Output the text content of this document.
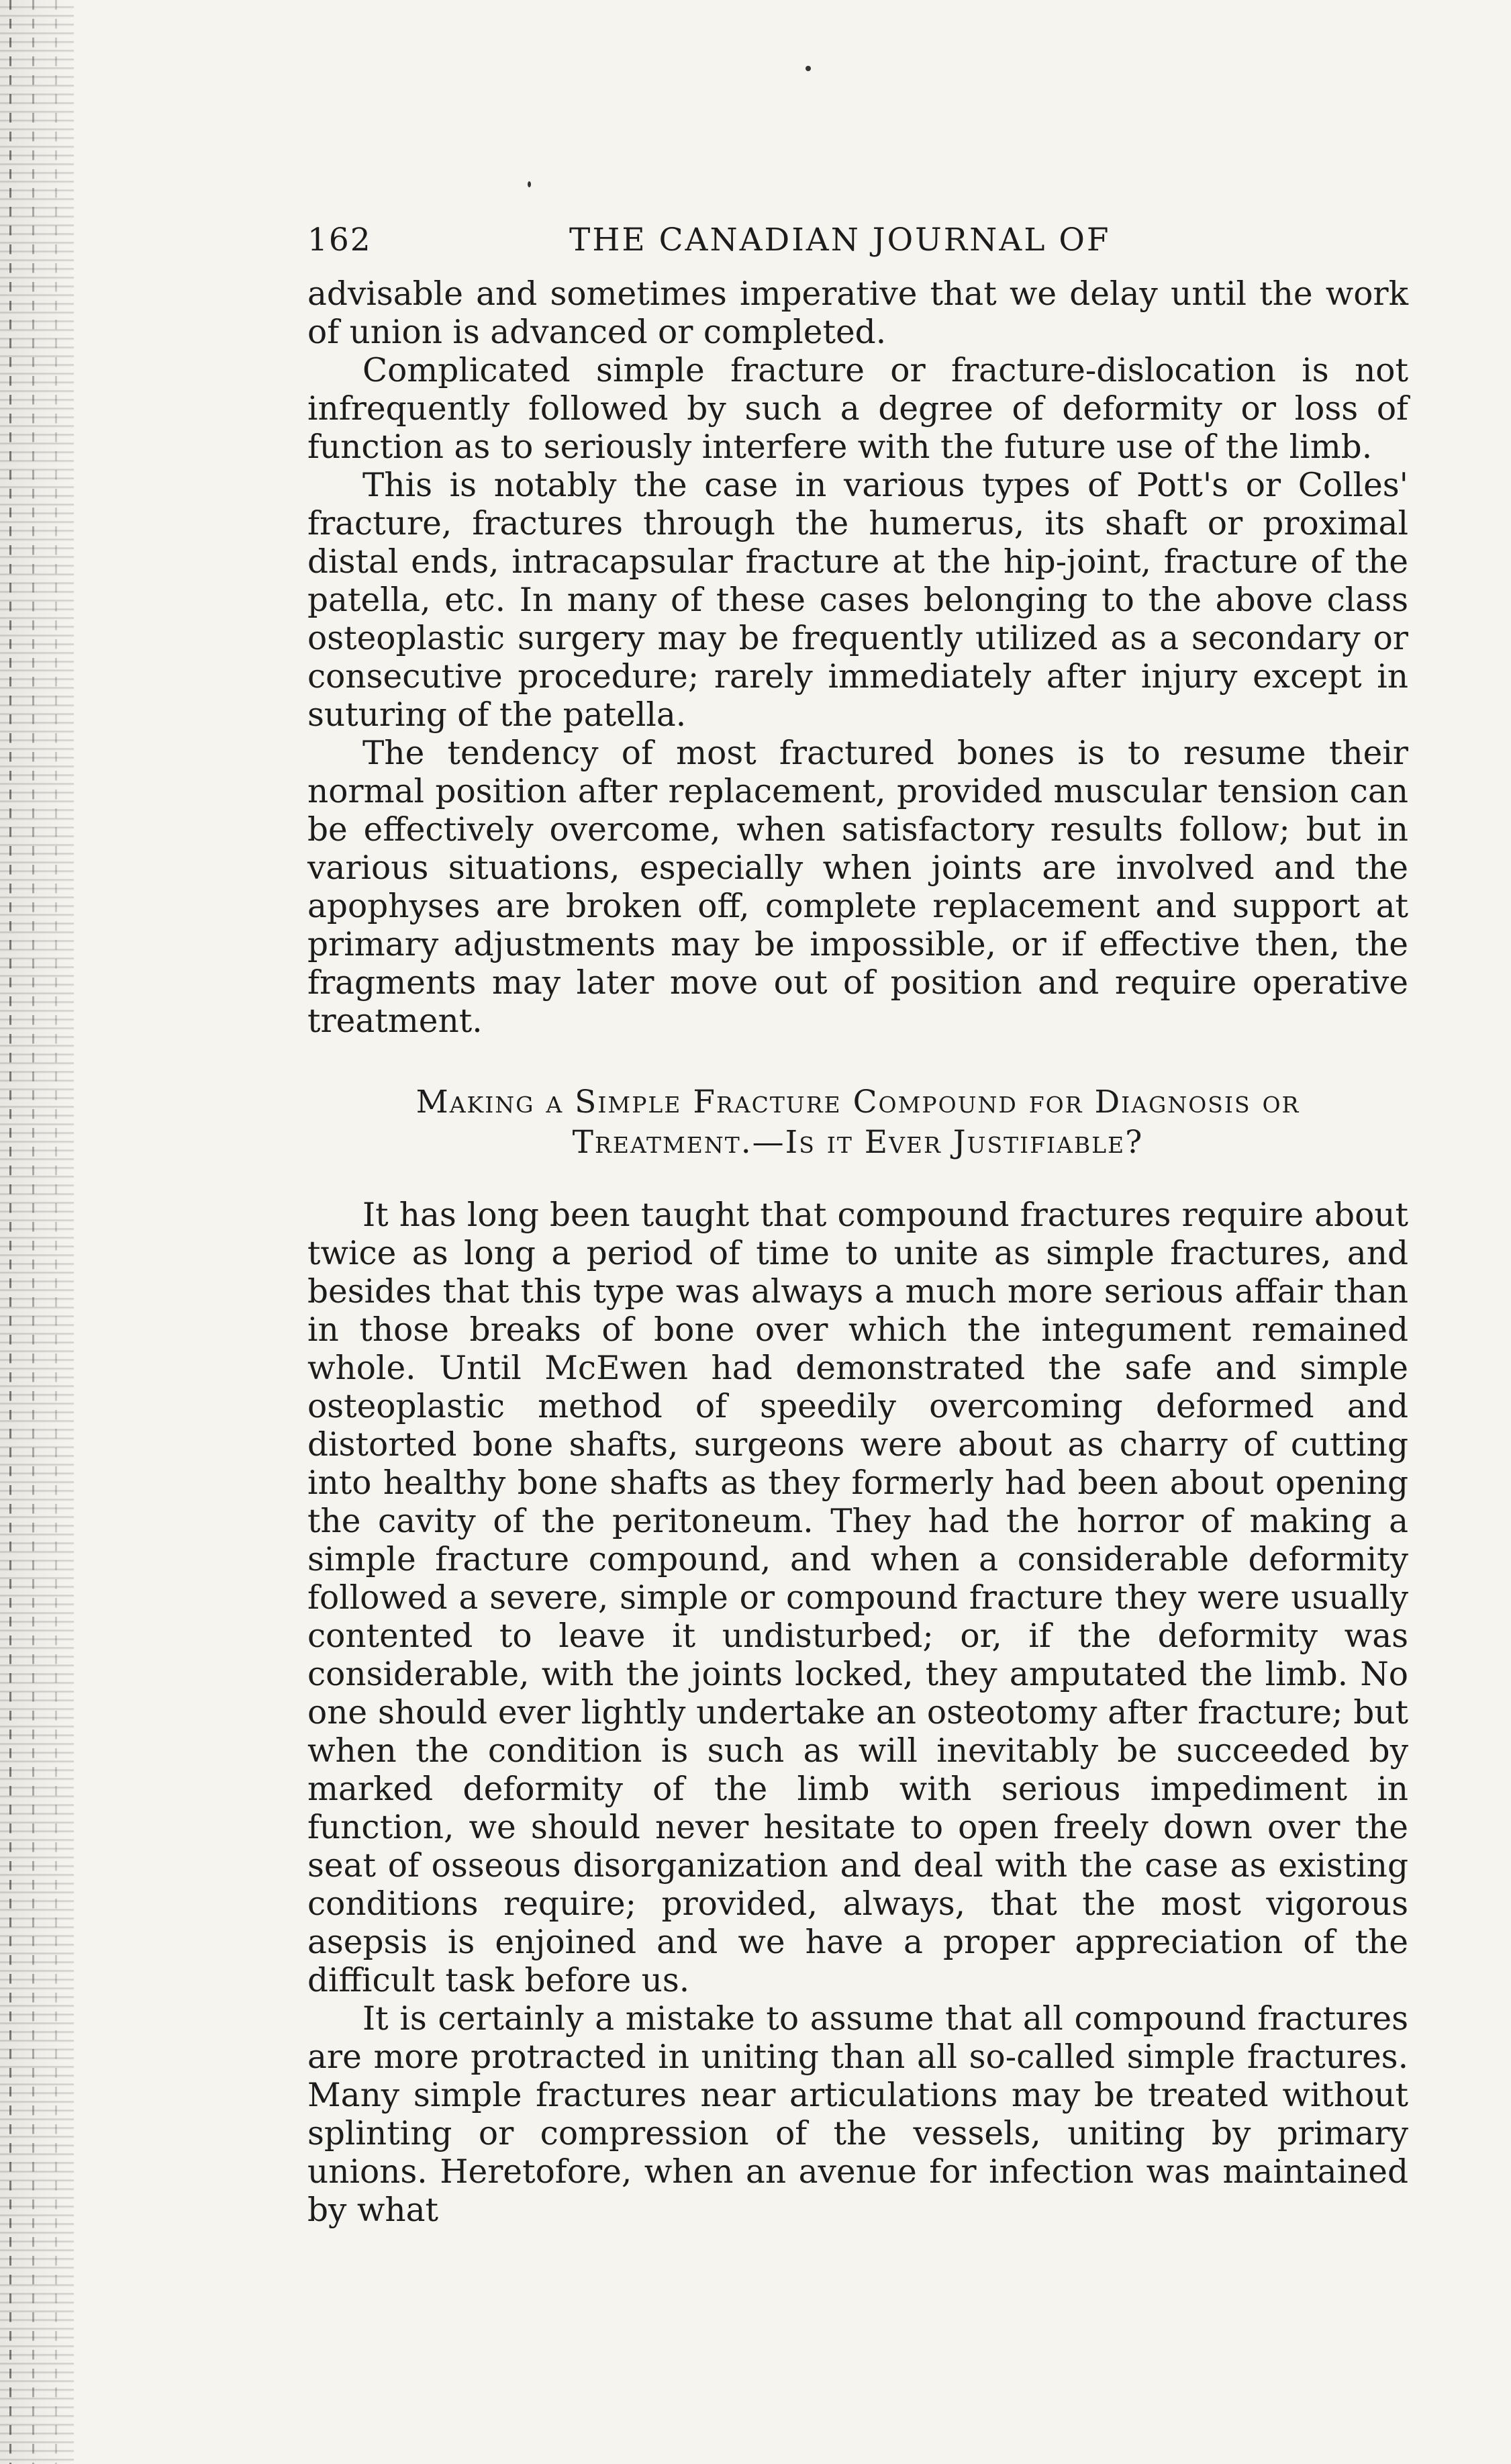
162	THE CANADIAN JOURNAL OF

advisable and sometimes imperative that we delay until the work of union is advanced or completed.

Complicated simple fracture or fracture-dislocation is not infrequently followed by such a degree of deformity or loss of function as to seriously interfere with the future use of the limb.

This is notably the case in various types of Pott's or Colles' fracture, fractures through the humerus, its shaft or proximal distal ends, intracapsular fracture at the hip-joint, fracture of the patella, etc. In many of these cases belonging to the above class osteoplastic surgery may be frequently utilized as a secondary or consecutive procedure; rarely immediately after injury except in suturing of the patella.

The tendency of most fractured bones is to resume their normal position after replacement, provided muscular tension can be effectively overcome, when satisfactory results follow; but in various situations, especially when joints are involved and the apophyses are broken off, complete replacement and support at primary adjustments may be impossible, or if effective then, the fragments may later move out of position and require operative treatment.

Making a Simple Fracture Compound for Diagnosis or
Treatment.—Is it Ever Justifiable?

It has long been taught that compound fractures require about twice as long a period of time to unite as simple fractures, and besides that this type was always a much more serious affair than in those breaks of bone over which the integument remained whole. Until McEwen had demonstrated the safe and simple osteoplastic method of speedily overcoming deformed and distorted bone shafts, surgeons were about as charry of cutting into healthy bone shafts as they formerly had been about opening the cavity of the peritoneum. They had the horror of making a simple fracture compound, and when a considerable deformity followed a severe, simple or compound fracture they were usually contented to leave it undisturbed; or, if the deformity was considerable, with the joints locked, they amputated the limb. No one should ever lightly undertake an osteotomy after fracture; but when the condition is such as will inevitably be succeeded by marked deformity of the limb with serious impediment in function, we should never hesitate to open freely down over the seat of osseous disorganization and deal with the case as existing conditions require; provided, always, that the most vigorous asepsis is enjoined and we have a proper appreciation of the difficult task before us.

It is certainly a mistake to assume that all compound fractures are more protracted in uniting than all so-called simple fractures. Many simple fractures near articulations may be treated without splinting or compression of the vessels, uniting by primary unions. Heretofore, when an avenue for infection was maintained by what
